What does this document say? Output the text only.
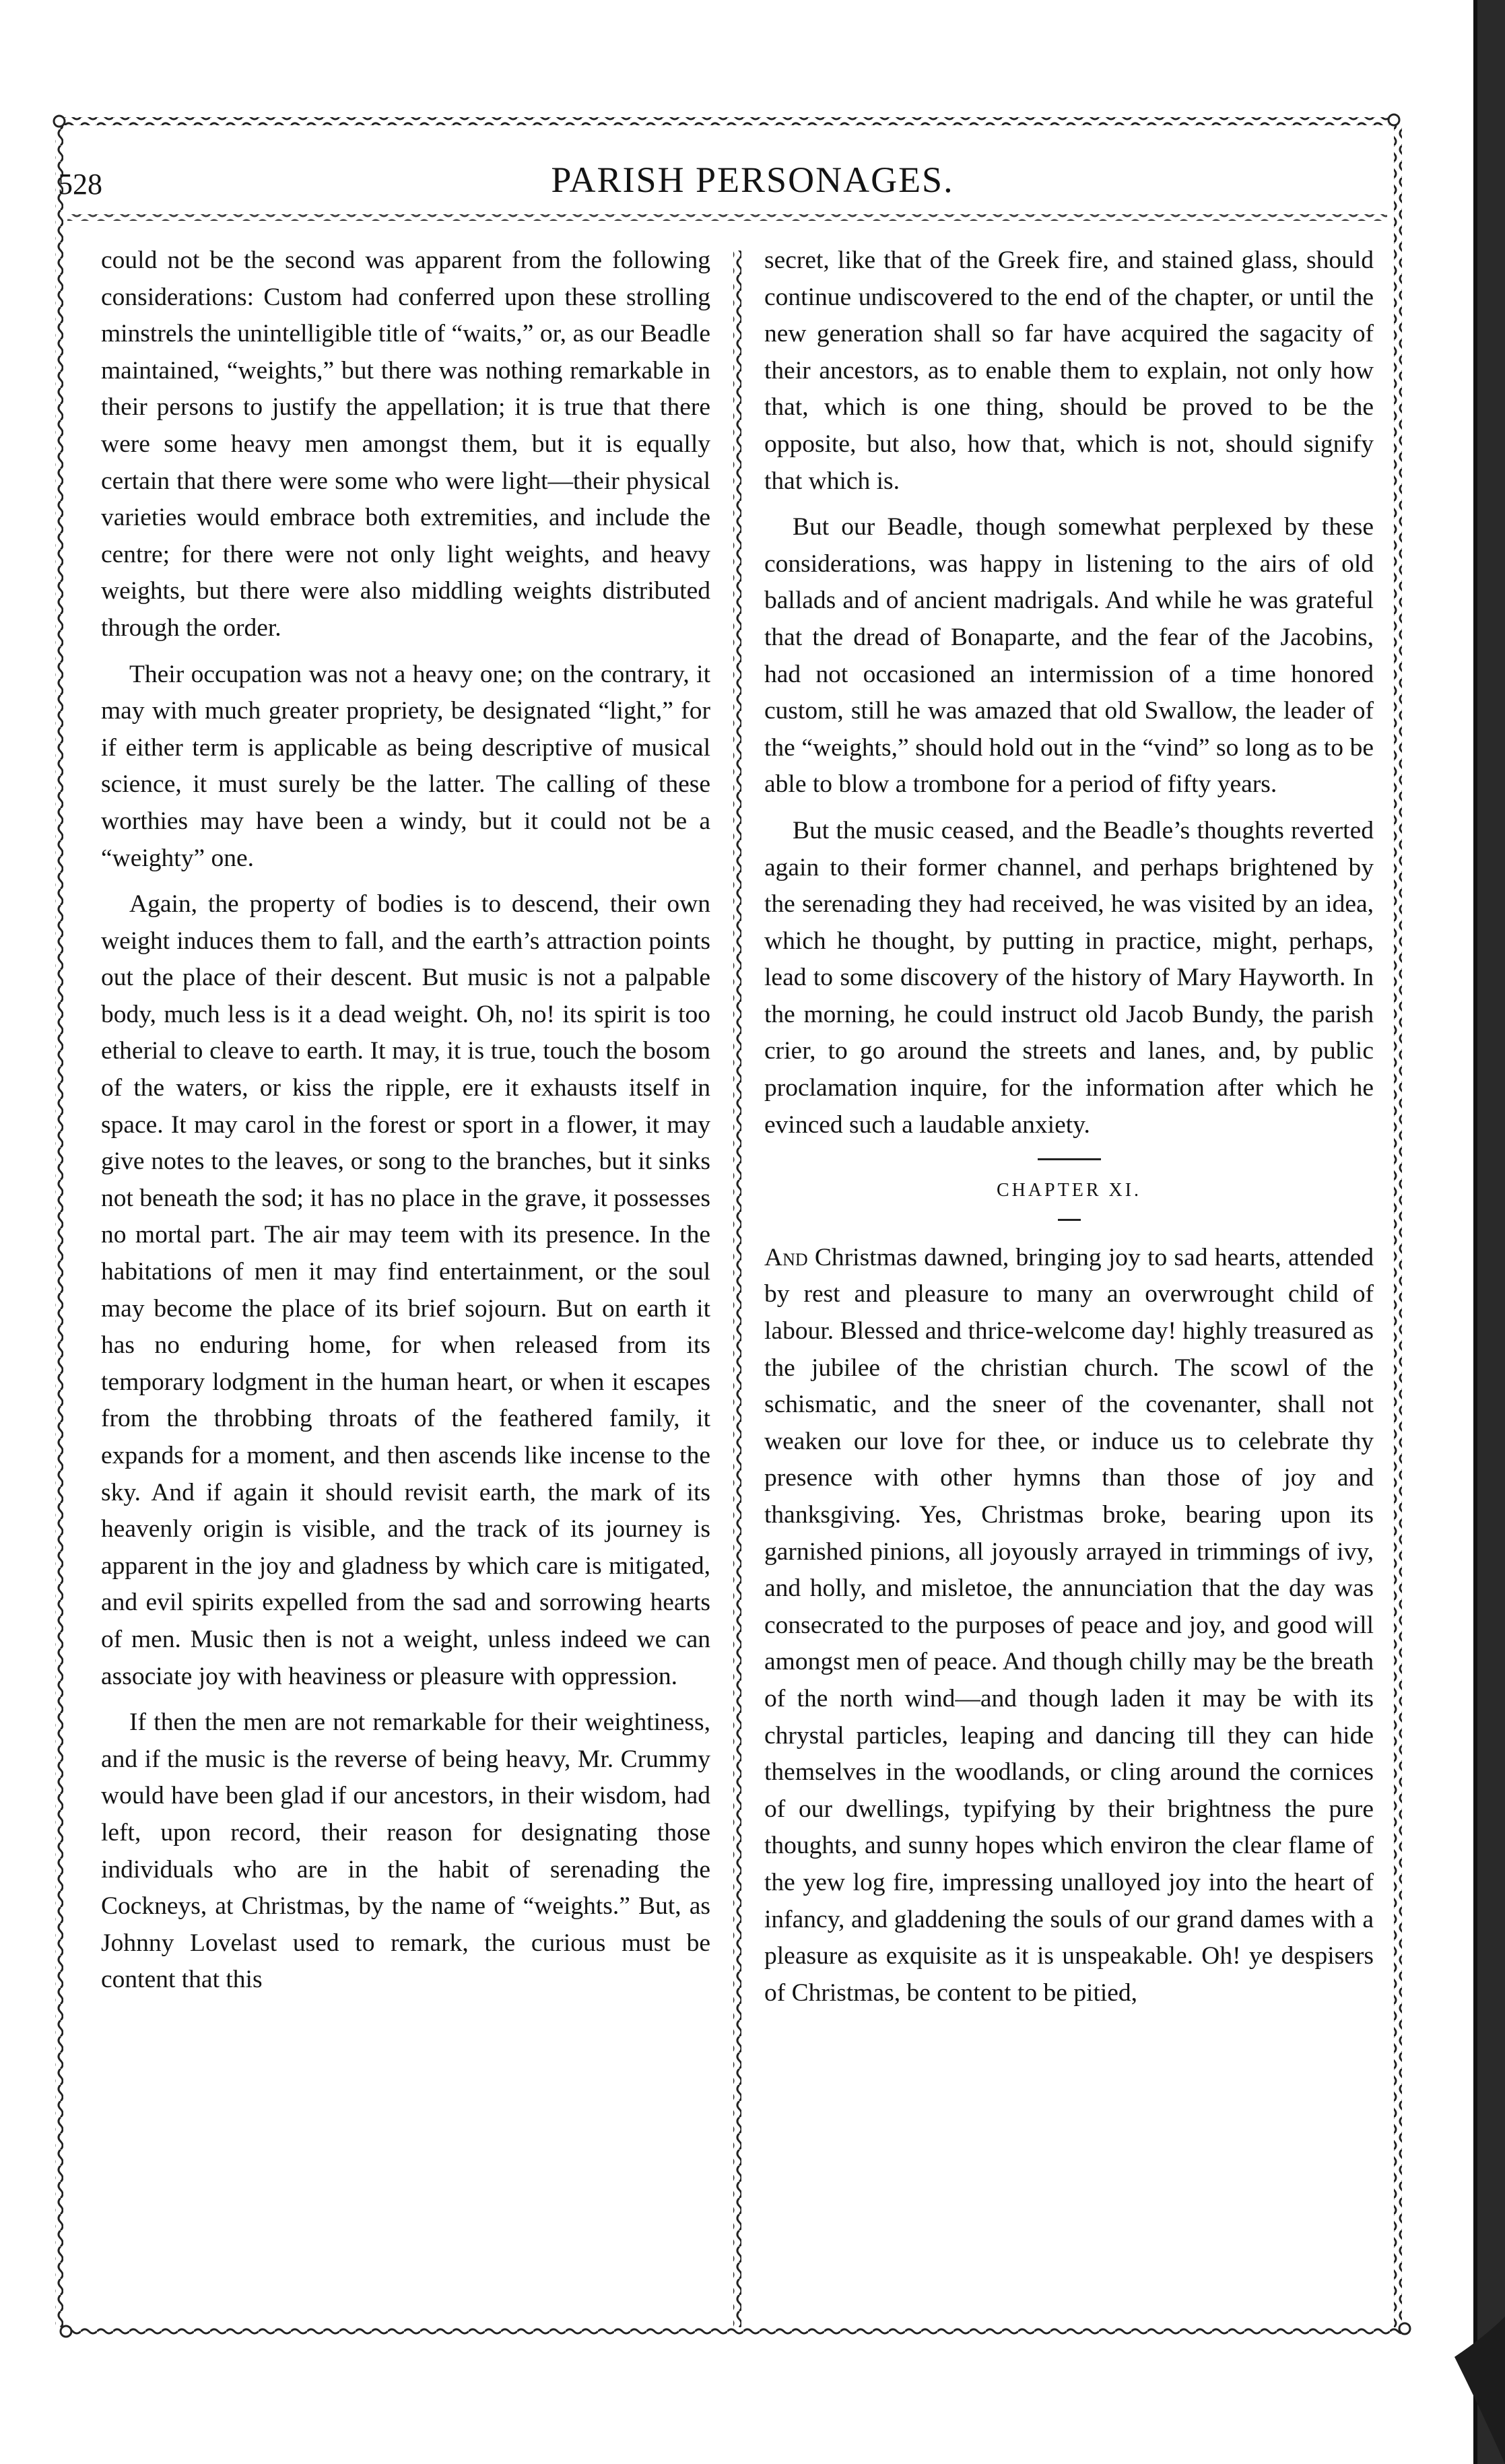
528	PARISH PERSONAGES.

could not be the second was apparent from the following considerations: Custom had conferred upon these strolling minstrels the unintelligible title of “waits,” or, as our Beadle maintained, “weights,” but there was nothing remarkable in their persons to justify the appellation; it is true that there were some heavy men amongst them, but it is equally certain that there were some who were light—their physical varieties would embrace both extremities, and include the centre; for there were not only light weights, and heavy weights, but there were also middling weights distributed through the order.

Their occupation was not a heavy one; on the contrary, it may with much greater propriety, be designated “light,” for if either term is applicable as being descriptive of musical science, it must surely be the latter. The calling of these worthies may have been a windy, but it could not be a “weighty” one.

Again, the property of bodies is to descend, their own weight induces them to fall, and the earth’s attraction points out the place of their descent. But music is not a palpable body, much less is it a dead weight. Oh, no! its spirit is too etherial to cleave to earth. It may, it is true, touch the bosom of the waters, or kiss the ripple, ere it exhausts itself in space. It may carol in the forest or sport in a flower, it may give notes to the leaves, or song to the branches, but it sinks not beneath the sod; it has no place in the grave, it possesses no mortal part. The air may teem with its presence. In the habitations of men it may find entertainment, or the soul may become the place of its brief sojourn. But on earth it has no enduring home, for when released from its temporary lodgment in the human heart, or when it escapes from the throbbing throats of the feathered family, it expands for a moment, and then ascends like incense to the sky. And if again it should revisit earth, the mark of its heavenly origin is visible, and the track of its journey is apparent in the joy and gladness by which care is mitigated, and evil spirits expelled from the sad and sorrowing hearts of men. Music then is not a weight, unless indeed we can associate joy with heaviness or pleasure with oppression.

If then the men are not remarkable for their weightiness, and if the music is the reverse of being heavy, Mr. Crummy would have been glad if our ancestors, in their wisdom, had left, upon record, their reason for designating those individuals who are in the habit of serenading the Cockneys, at Christmas, by the name of “weights.” But, as Johnny Lovelast used to remark, the curious must be content that this

secret, like that of the Greek fire, and stained glass, should continue undiscovered to the end of the chapter, or until the new generation shall so far have acquired the sagacity of their ancestors, as to enable them to explain, not only how that, which is one thing, should be proved to be the opposite, but also, how that, which is not, should signify that which is.

But our Beadle, though somewhat perplexed by these considerations, was happy in listening to the airs of old ballads and of ancient madrigals. And while he was grateful that the dread of Bonaparte, and the fear of the Jacobins, had not occasioned an intermission of a time honored custom, still he was amazed that old Swallow, the leader of the “weights,” should hold out in the “vind” so long as to be able to blow a trombone for a period of fifty years.

But the music ceased, and the Beadle’s thoughts reverted again to their former channel, and perhaps brightened by the serenading they had received, he was visited by an idea, which he thought, by putting in practice, might, perhaps, lead to some discovery of the history of Mary Hayworth. In the morning, he could instruct old Jacob Bundy, the parish crier, to go around the streets and lanes, and, by public proclamation inquire, for the information after which he evinced such a laudable anxiety.

CHAPTER XI.

And Christmas dawned, bringing joy to sad hearts, attended by rest and pleasure to many an overwrought child of labour. Blessed and thrice-welcome day! highly treasured as the jubilee of the christian church. The scowl of the schismatic, and the sneer of the covenanter, shall not weaken our love for thee, or induce us to celebrate thy presence with other hymns than those of joy and thanksgiving. Yes, Christmas broke, bearing upon its garnished pinions, all joyously arrayed in trimmings of ivy, and holly, and misletoe, the annunciation that the day was consecrated to the purposes of peace and joy, and good will amongst men of peace. And though chilly may be the breath of the north wind—and though laden it may be with its chrystal particles, leaping and dancing till they can hide themselves in the woodlands, or cling around the cornices of our dwellings, typifying by their brightness the pure thoughts, and sunny hopes which environ the clear flame of the yew log fire, impressing unalloyed joy into the heart of infancy, and gladdening the souls of our grand dames with a pleasure as exquisite as it is unspeakable. Oh! ye despisers of Christmas, be content to be pitied,
